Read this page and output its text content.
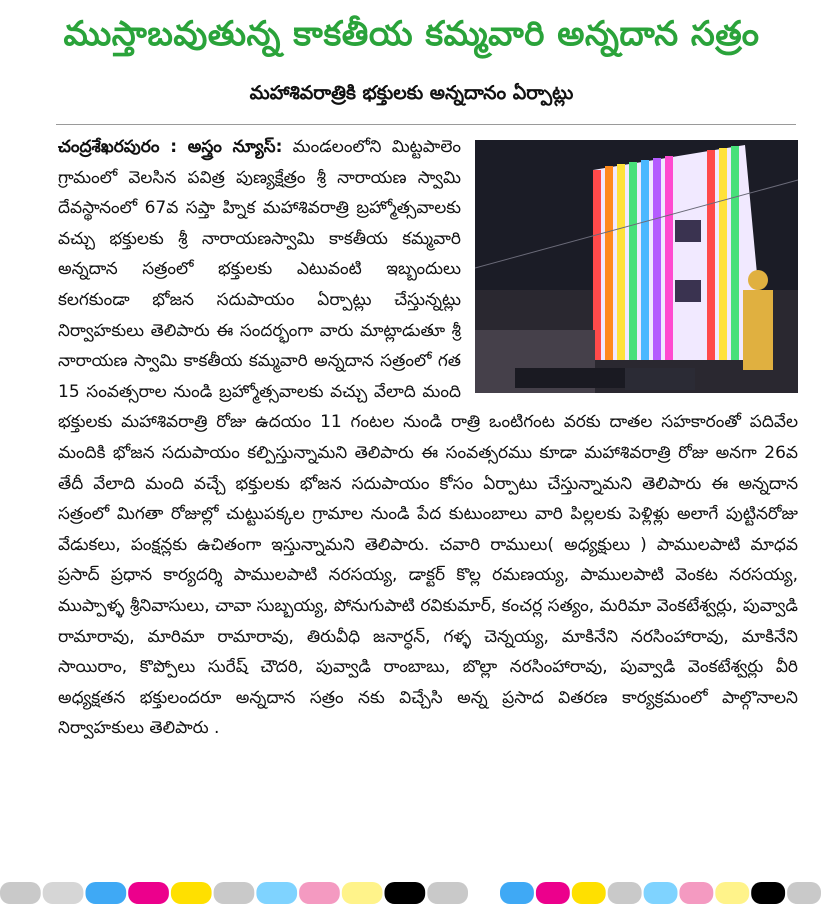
ముస్తాబవుతున్న కాకతీయ కమ్మవారి అన్నదాన సత్రం
మహాశివరాత్రికి భక్తులకు అన్నదానం ఏర్పాట్లు
చంద్రశేఖరపురం : అస్త్రం న్యూస్: మండలంలోని మిట్టపాలెం గ్రామంలో వెలసిన పవిత్ర పుణ్యక్షేత్రం శ్రీ నారాయణ స్వామి దేవస్థానంలో 67వ సప్తా హ్నిక మహాశివరాత్రి బ్రహ్మోత్సవాలకు వచ్చు భక్తులకు శ్రీ నారాయణస్వామి కాకతీయ కమ్మవారి అన్నదాన సత్రంలో భక్తులకు ఎటువంటి ఇబ్బందులు కలగకుండా భోజన సదుపాయం ఏర్పాట్లు చేస్తున్నట్లు నిర్వాహకులు తెలిపారు ఈ సందర్భంగా వారు మాట్లాడుతూ శ్రీ నారాయణ స్వామి కాకతీయ కమ్మవారి అన్నదాన సత్రంలో గత 15 సంవత్సరాల నుండి బ్రహ్మోత్సవాలకు వచ్చు వేలాది మంది భక్తులకు మహాశివరాత్రి రోజు ఉదయం 11 గంటల నుండి రాత్రి ఒంటిగంట వరకు దాతల సహకారంతో పదివేల మందికి భోజన సదుపాయం కల్పిస్తున్నామని తెలిపారు ఈ సంవత్సరము కూడా మహాశివరాత్రి రోజు అనగా 26వ తేదీ వేలాది మంది వచ్చే భక్తులకు భోజన సదుపాయం కోసం ఏర్పాటు చేస్తున్నామని తెలిపారు ఈ అన్నదాన సత్రంలో మిగతా రోజుల్లో చుట్టుపక్కల గ్రామాల నుండి పేద కుటుంబాలు వారి పిల్లలకు పెళ్లిళ్లు అలాగే పుట్టినరోజు వేడుకలు, పంక్షన్లకు ఉచితంగా ఇస్తున్నామని తెలిపారు. చవారి రాములు( అధ్యక్షులు ) పాములపాటి మాధవ ప్రసాద్ ప్రధాన కార్యదర్శి పాములపాటి నరసయ్య, డాక్టర్ కొల్ల రమణయ్య, పాములపాటి వెంకట నరసయ్య, ముప్పాళ్ళ శ్రీనివాసులు, చావా సుబ్బయ్య, పోనుగుపాటి రవికుమార్, కంచర్ల సత్యం, మరిమా వెంకటేశ్వర్లు, పువ్వాడి రామారావు, మారిమా రామారావు, తిరువీధి జనార్ధన్, గళ్ళ చెన్నయ్య, మాకినేని నరసింహారావు, మాకినేని సాయిరాం, కొప్పోలు సురేష్ చౌదరి, పువ్వాడి రాంబాబు, బొల్లా నరసింహారావు, పువ్వాడి వెంకటేశ్వర్లు వీరి అధ్యక్షతన భక్తులందరూ అన్నదాన సత్రం నకు విచ్చేసి అన్న ప్రసాద వితరణ కార్యక్రమంలో పాల్గొనాలని నిర్వాహకులు తెలిపారు .
